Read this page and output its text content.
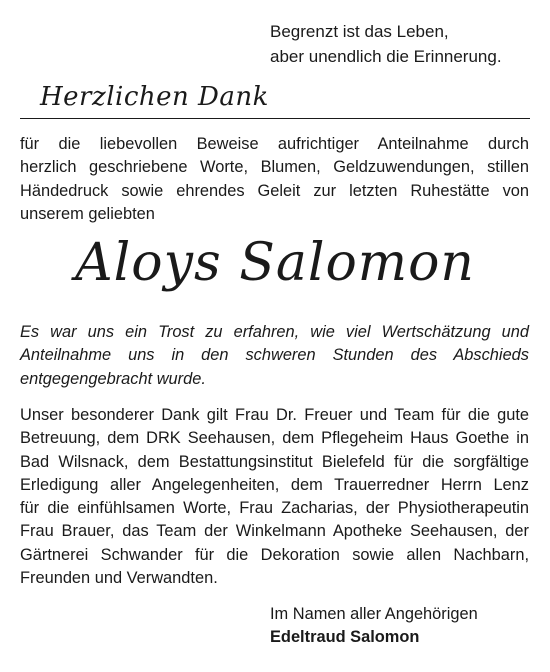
Begrenzt ist das Leben,
aber unendlich die Erinnerung.
Herzlichen Dank
für die liebevollen Beweise aufrichtiger Anteilnahme durch
herzlich geschriebene Worte, Blumen, Geldzuwendungen, stillen
Händedruck sowie ehrendes Geleit zur letzten Ruhestätte von
unserem geliebten
Aloys Salomon
Es war uns ein Trost zu erfahren, wie viel Wertschätzung und
Anteilnahme uns in den schweren Stunden des Abschieds
entgegengebracht wurde.
Unser besonderer Dank gilt Frau Dr. Freuer und Team für die gute
Betreuung, dem DRK Seehausen, dem Pflegeheim Haus Goethe in
Bad Wilsnack, dem Bestattungsinstitut Bielefeld für die sorgfältige
Erledigung aller Angelegenheiten, dem Trauerredner Herrn Lenz
für die einfühlsamen Worte, Frau Zacharias, der Physiotherapeutin
Frau Brauer, das Team der Winkelmann Apotheke Seehausen, der
Gärtnerei Schwander für die Dekoration sowie allen Nachbarn,
Freunden und Verwandten.
Im Namen aller Angehörigen
Edeltraud Salomon
